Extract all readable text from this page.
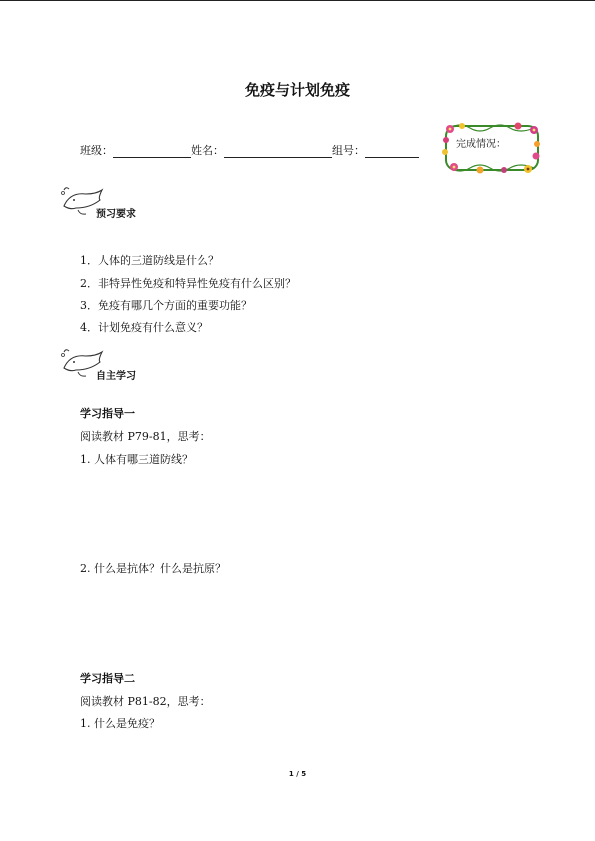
免疫与计划免疫
班级：	姓名：	组号：	完成情况：
预习要求
1．人体的三道防线是什么？
2．非特异性免疫和特异性免疫有什么区别？
3．免疫有哪几个方面的重要功能？
4．计划免疫有什么意义？
自主学习
学习指导一
阅读教材 P79-81，思考：
1. 人体有哪三道防线？
2. 什么是抗体？什么是抗原？
学习指导二
阅读教材 P81-82，思考：
1. 什么是免疫？
1 / 5
